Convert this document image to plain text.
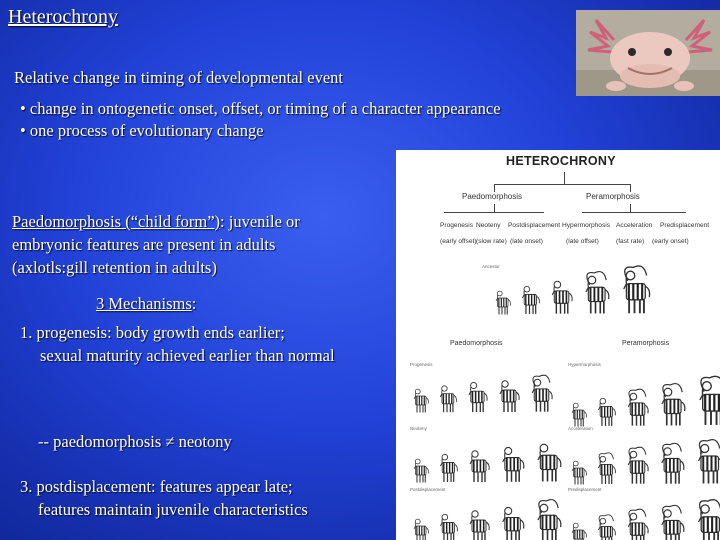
Heterochrony
Relative change in timing of developmental event
• change in ontogenetic onset, offset, or timing of a character appearance
• one process of evolutionary change
Paedomorphosis (“child form”): juvenile or
embryonic features are present in adults
(axlotls:gill retention in adults)
3 Mechanisms:
1. progenesis: body growth ends earlier;
sexual maturity achieved earlier than normal
-- paedomorphosis ≠ neotony
3. postdisplacement: features appear late;
features maintain juvenile characteristics
HETEROCHRONY
Paedomorphosis	Peramorphosis
Progenesis Neoteny Postdisplacement Hypermorphosis Acceleration Predisplacement
(early offset) (slow rate) (late onset)	(late offset)	(fast rate) (early onset)
Ancestor
Paedomorphosis	Peramorphosis
Progenesis
Neoteny
Postdisplacement
Hypermorphosis
Acceleration
Predisplacement
